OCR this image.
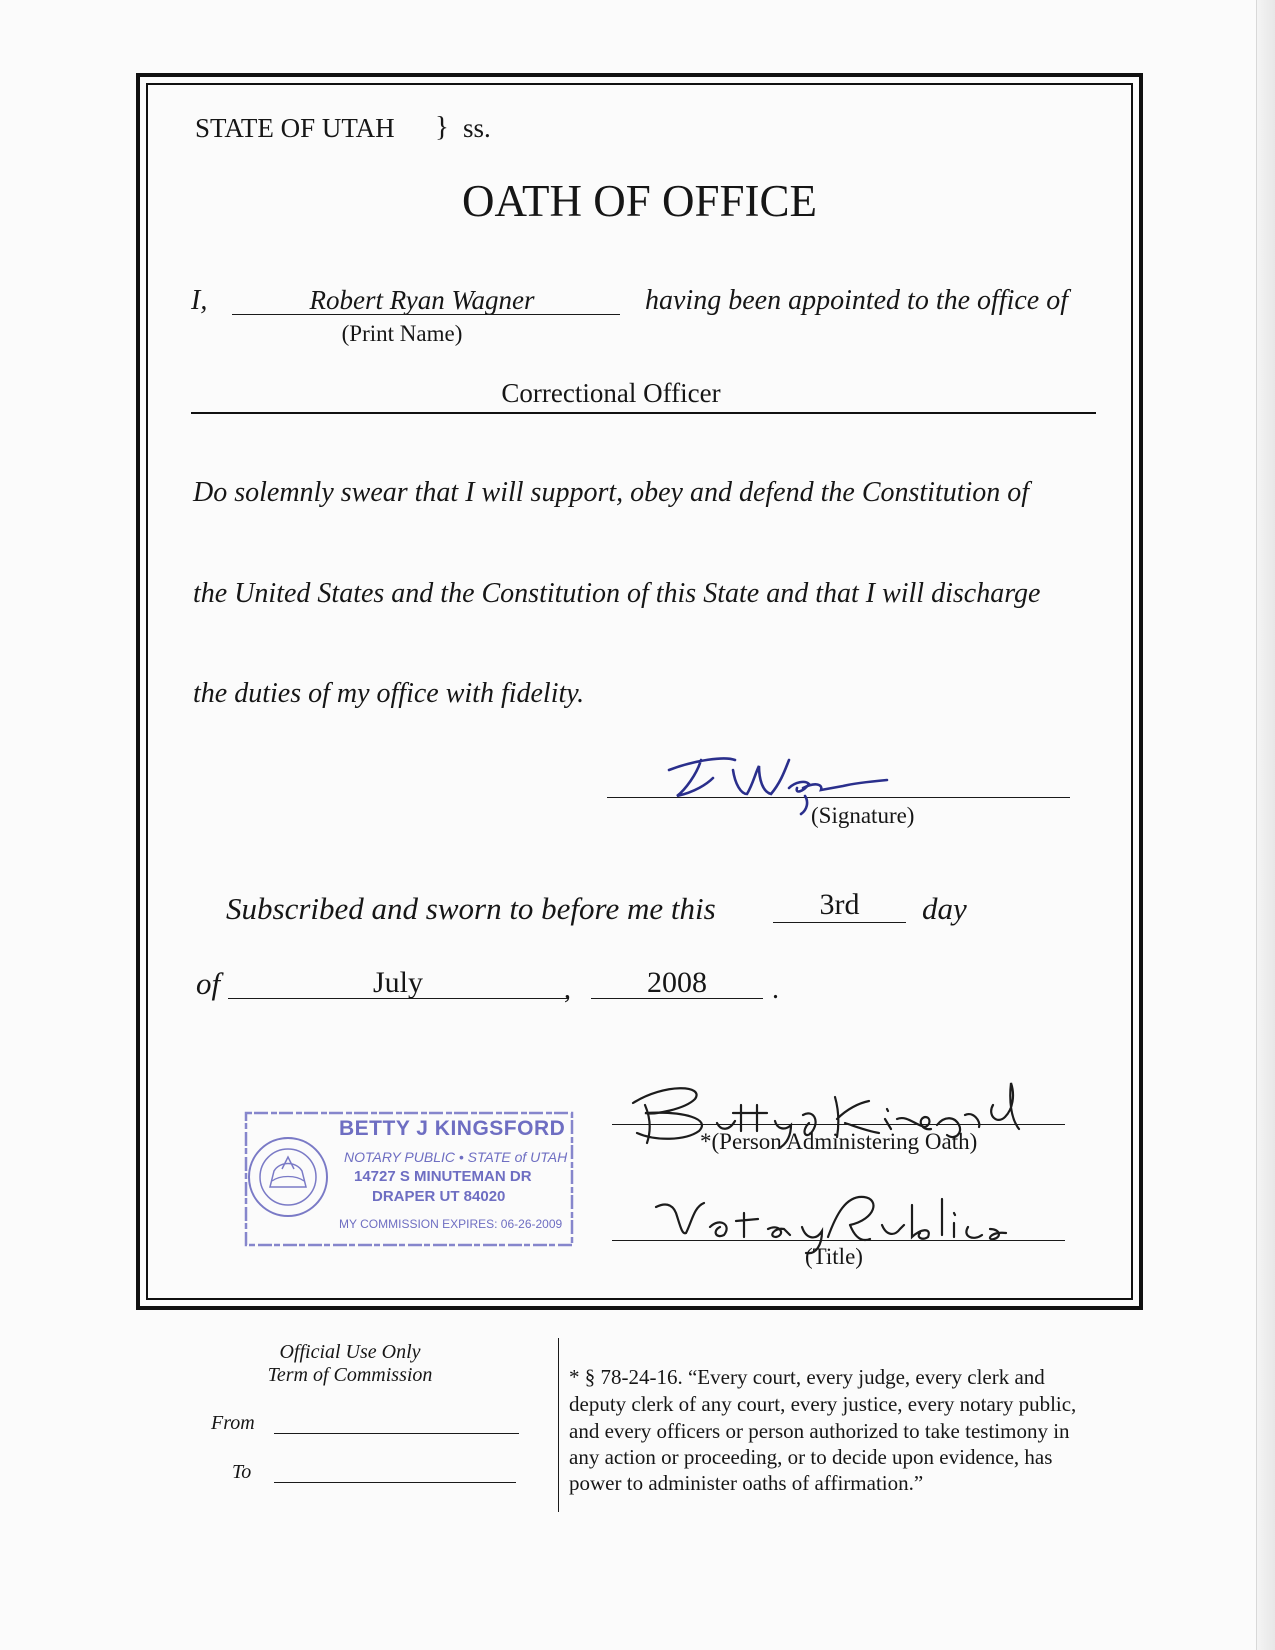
STATE OF UTAH } ss.
OATH OF OFFICE
I,	Robert Ryan Wagner
(Print Name)
having been appointed to the office of
Correctional Officer
Do solemnly swear that I will support, obey and defend the Constitution of
the United States and the Constitution of this State and that I will discharge
the duties of my office with fidelity.
(Signature)
Subscribed and sworn to before me this	3rd	day
of	July	,	2008	.
*(Person Administering Oath)
(Title)
BETTY J KINGSFORD
NOTARY PUBLIC • STATE of UTAH
14727 S MINUTEMAN DR
DRAPER UT 84020
MY COMMISSION EXPIRES: 06-26-2009
Official Use Only
Term of Commission
From
To
* § 78-24-16. “Every court, every judge, every clerk and
deputy clerk of any court, every justice, every notary public,
and every officers or person authorized to take testimony in
any action or proceeding, or to decide upon evidence, has
power to administer oaths of affirmation.”
